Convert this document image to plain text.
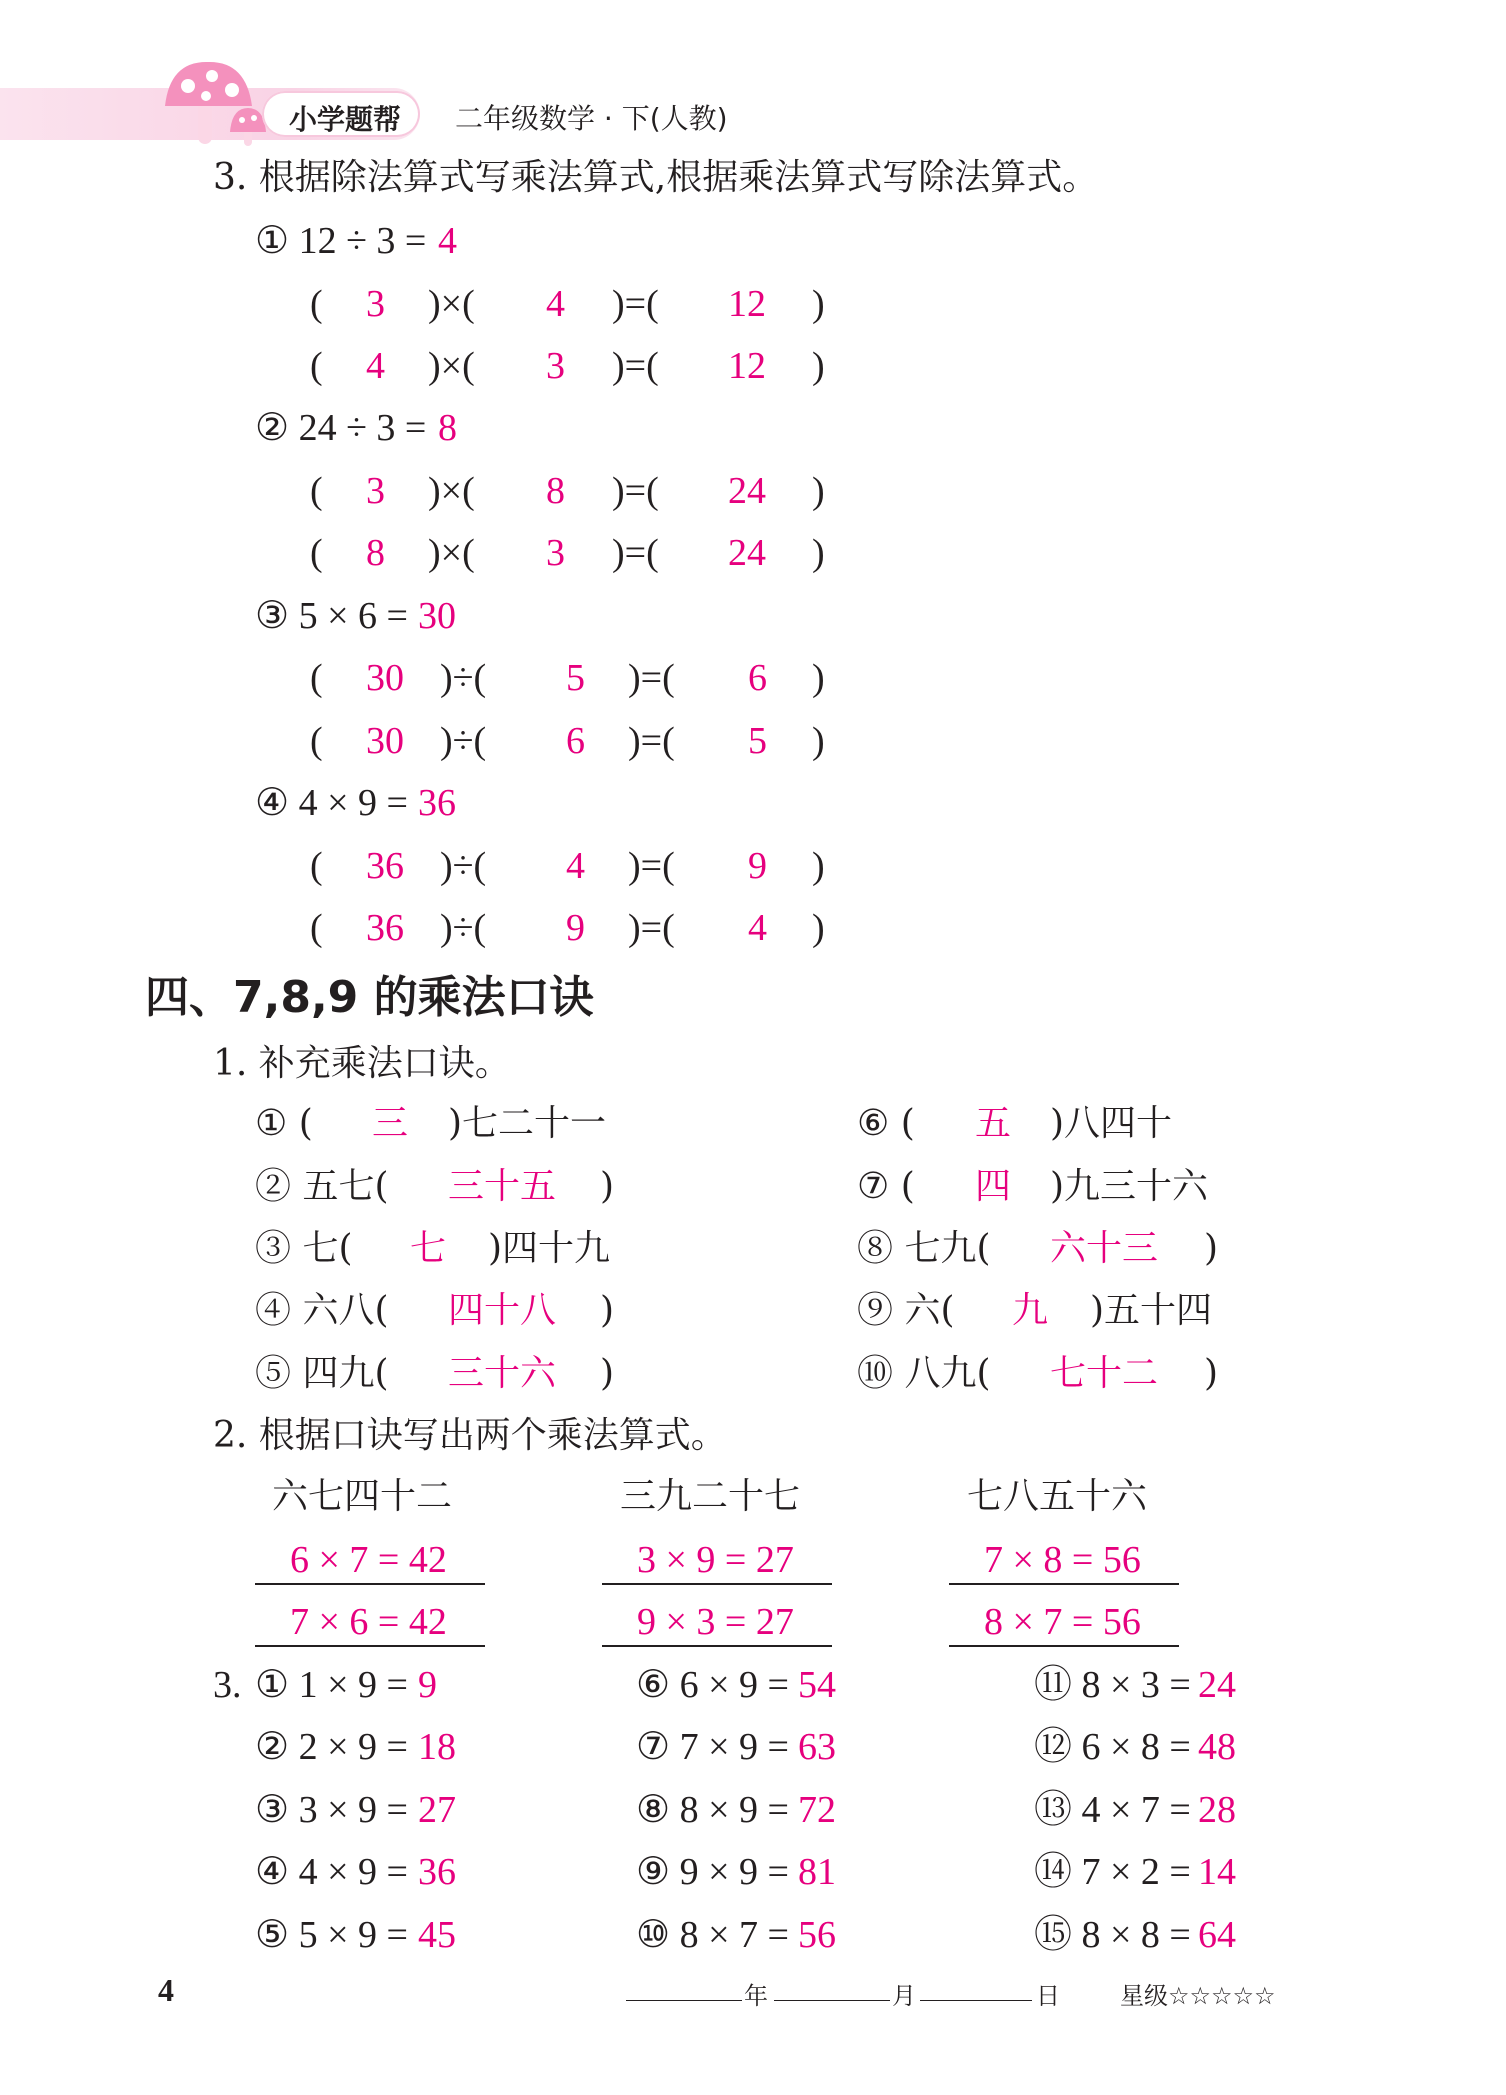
小学题帮 二年级数学 · 下(人教)
3. 根据除法算式写乘法算式,根据乘法算式写除法算式。
① 12 ÷ 3 = 4
( 3 )×( 4 )=( 12 )
( 4 )×( 3 )=( 12 )
② 24 ÷ 3 = 8
( 3 )×( 8 )=( 24 )
( 8 )×( 3 )=( 24 )
③ 5 × 6 = 30
( 30 )÷( 5 )=( 6 )
( 30 )÷( 6 )=( 5 )
④ 4 × 9 = 36
( 36 )÷( 4 )=( 9 )
( 36 )÷( 9 )=( 4 )
四、7,8,9 的乘法口诀
1. 补充乘法口诀。
① ( 三 )七二十一
② 五七( 三十五 )
③ 七( 七 )四十九
④ 六八( 四十八 )
⑤ 四九( 三十六 )
⑥ ( 五 )八四十
⑦ ( 四 )九三十六
⑧ 七九( 六十三 )
⑨ 六( 九 )五十四
⑩ 八九( 七十二 )
2. 根据口诀写出两个乘法算式。
六七四十二
6 × 7 = 42
7 × 6 = 42
三九二十七
3 × 9 = 27
9 × 3 = 27
七八五十六
7 × 8 = 56
8 × 7 = 56
3. ① 1 × 9 = 9
② 2 × 9 = 18
③ 3 × 9 = 27
④ 4 × 9 = 36
⑤ 5 × 9 = 45
⑥ 6 × 9 = 54
⑦ 7 × 9 = 63
⑧ 8 × 9 = 72
⑨ 9 × 9 = 81
⑩ 8 × 7 = 56
⑪ 8 × 3 = 24
⑫ 6 × 8 = 48
⑬ 4 × 7 = 28
⑭ 7 × 2 = 14
⑮ 8 × 8 = 64
4	年	月	日	星级☆☆☆☆☆
